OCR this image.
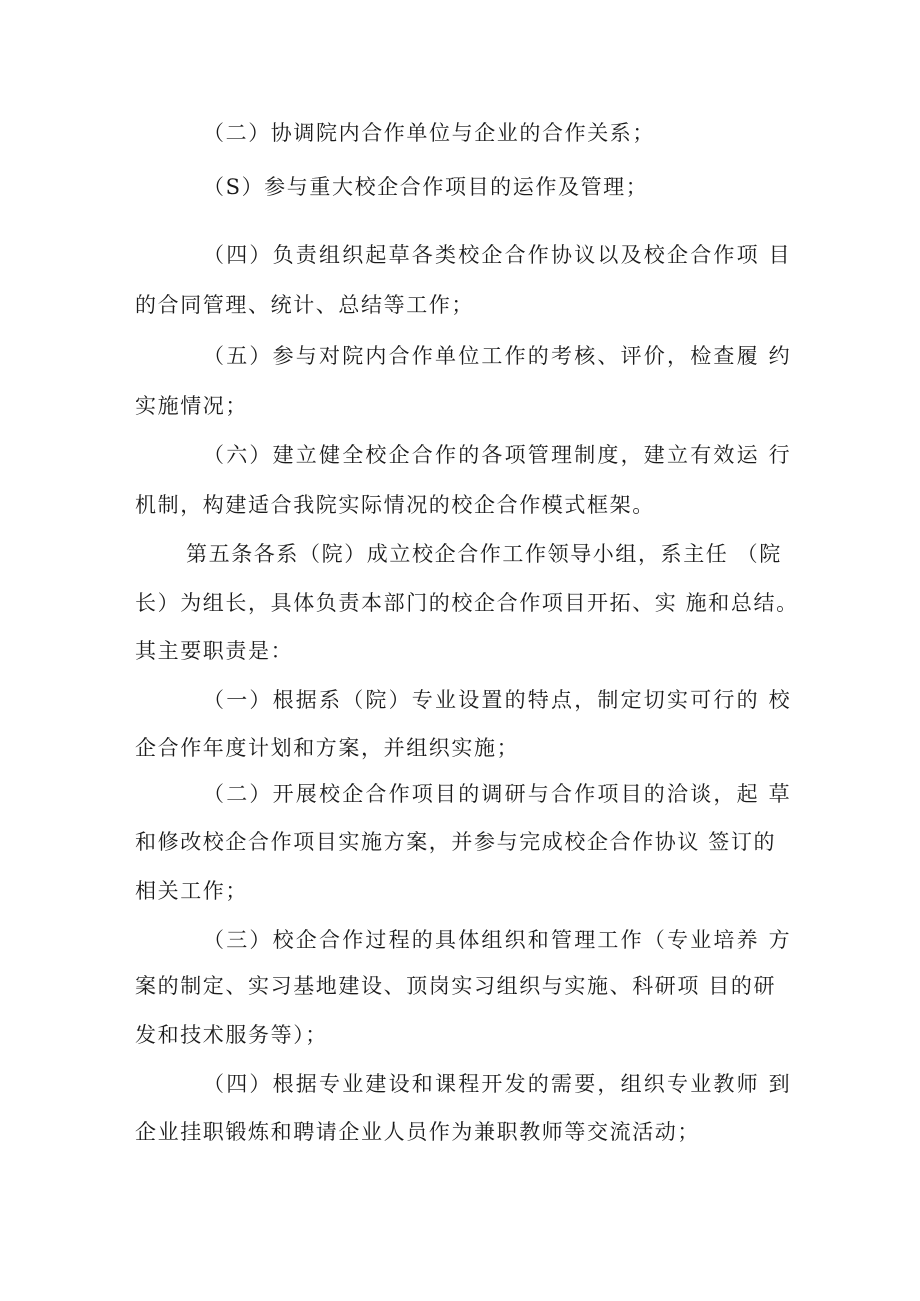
（二）协调院内合作单位与企业的合作关系；
（S）参与重大校企合作项目的运作及管理；
（四）负责组织起草各类校企合作协议以及校企合作项 目
的合同管理、统计、总结等工作；
（五）参与对院内合作单位工作的考核、评价，检查履 约
实施情况；
（六）建立健全校企合作的各项管理制度，建立有效运 行
机制，构建适合我院实际情况的校企合作模式框架。
第五条各系（院）成立校企合作工作领导小组，系主任 （院
长）为组长，具体负责本部门的校企合作项目开拓、实 施和总结。
其主要职责是：
（一）根据系（院）专业设置的特点，制定切实可行的 校
企合作年度计划和方案，并组织实施；
（二）开展校企合作项目的调研与合作项目的洽谈，起 草
和修改校企合作项目实施方案，并参与完成校企合作协议 签订的
相关工作；
（三）校企合作过程的具体组织和管理工作（专业培养 方
案的制定、实习基地建设、顶岗实习组织与实施、科研项 目的研
发和技术服务等）；
（四）根据专业建设和课程开发的需要，组织专业教师 到
企业挂职锻炼和聘请企业人员作为兼职教师等交流活动；
